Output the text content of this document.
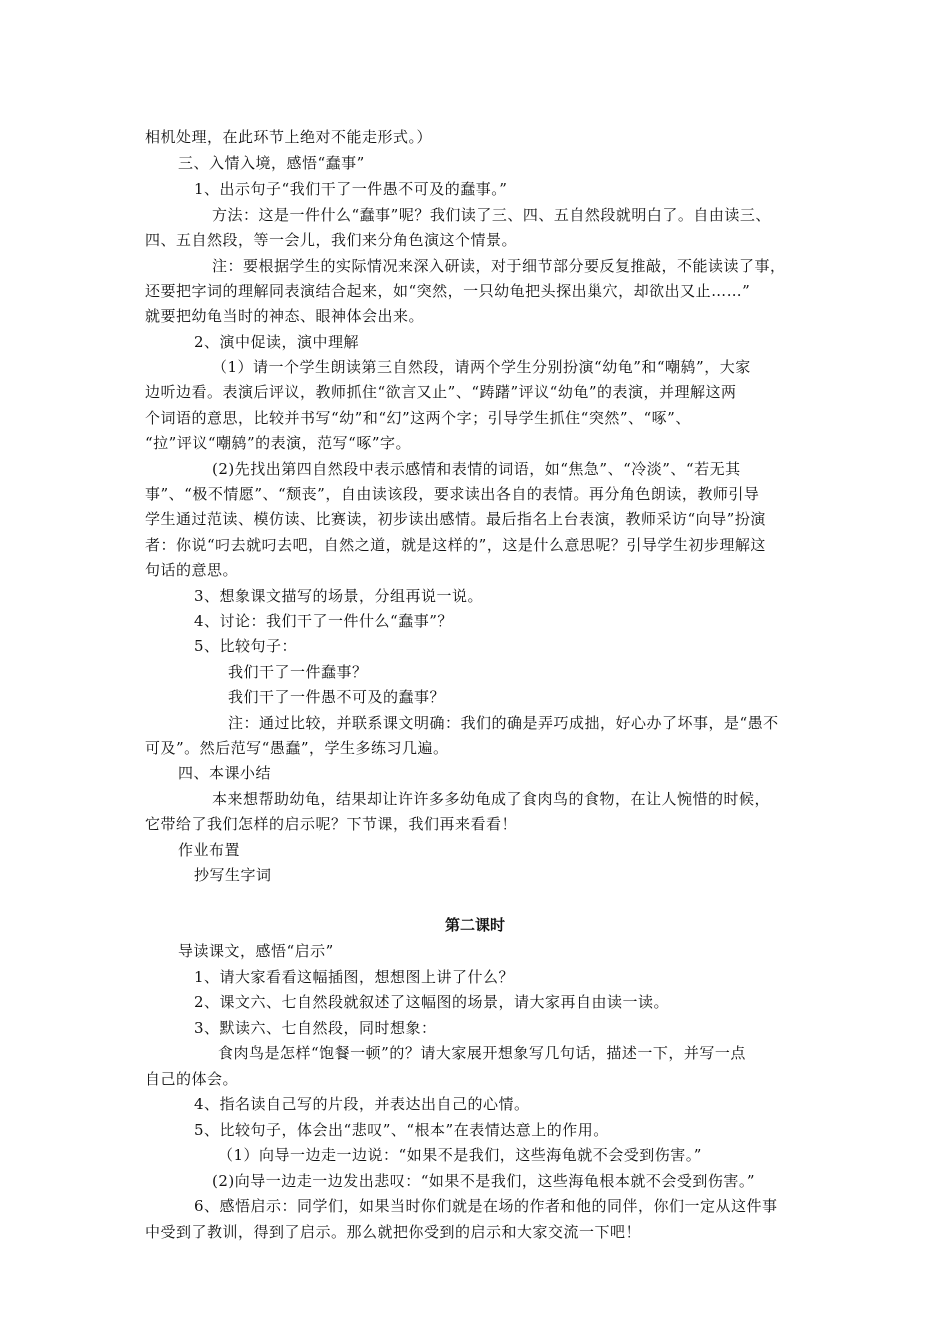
相机处理，在此环节上绝对不能走形式。）
三、入情入境，感悟“蠢事”
1、出示句子“我们干了一件愚不可及的蠢事。”
方法：这是一件什么“蠢事”呢？我们读了三、四、五自然段就明白了。自由读三、
四、五自然段，等一会儿，我们来分角色演这个情景。
注：要根据学生的实际情况来深入研读，对于细节部分要反复推敲，不能读读了事，
还要把字词的理解同表演结合起来，如“突然，一只幼龟把头探出巢穴，却欲出又止……”
就要把幼龟当时的神态、眼神体会出来。
2、演中促读，演中理解
（1）请一个学生朗读第三自然段，请两个学生分别扮演“幼龟”和“嘲鸫”，大家
边听边看。表演后评议，教师抓住“欲言又止”、“踌躇”评议“幼龟”的表演，并理解这两
个词语的意思，比较并书写“幼”和“幻”这两个字；引导学生抓住“突然”、“啄”、
“拉”评议“嘲鸫”的表演，范写“啄”字。
(2)先找出第四自然段中表示感情和表情的词语，如“焦急”、“冷淡”、“若无其
事”、“极不情愿”、“颓丧”，自由读该段，要求读出各自的表情。再分角色朗读，教师引导
学生通过范读、模仿读、比赛读，初步读出感情。最后指名上台表演，教师采访“向导”扮演
者：你说“叼去就叼去吧，自然之道，就是这样的”，这是什么意思呢？引导学生初步理解这
句话的意思。
3、想象课文描写的场景，分组再说一说。
4、讨论：我们干了一件什么“蠢事”？
5、比较句子：
我们干了一件蠢事？
我们干了一件愚不可及的蠢事？
注：通过比较，并联系课文明确：我们的确是弄巧成拙，好心办了坏事，是“愚不
可及”。然后范写“愚蠢”，学生多练习几遍。
四、本课小结
本来想帮助幼龟，结果却让许许多多幼龟成了食肉鸟的食物，在让人惋惜的时候，
它带给了我们怎样的启示呢？下节课，我们再来看看！
作业布置
抄写生字词
第二课时
导读课文，感悟“启示”
1、请大家看看这幅插图，想想图上讲了什么？
2、课文六、七自然段就叙述了这幅图的场景，请大家再自由读一读。
3、默读六、七自然段，同时想象：
食肉鸟是怎样“饱餐一顿”的？请大家展开想象写几句话，描述一下，并写一点
自己的体会。
4、指名读自己写的片段，并表达出自己的心情。
5、比较句子，体会出“悲叹”、“根本”在表情达意上的作用。
（1）向导一边走一边说：“如果不是我们，这些海龟就不会受到伤害。”
(2)向导一边走一边发出悲叹：“如果不是我们，这些海龟根本就不会受到伤害。”
6、感悟启示：同学们，如果当时你们就是在场的作者和他的同伴，你们一定从这件事
中受到了教训，得到了启示。那么就把你受到的启示和大家交流一下吧！
